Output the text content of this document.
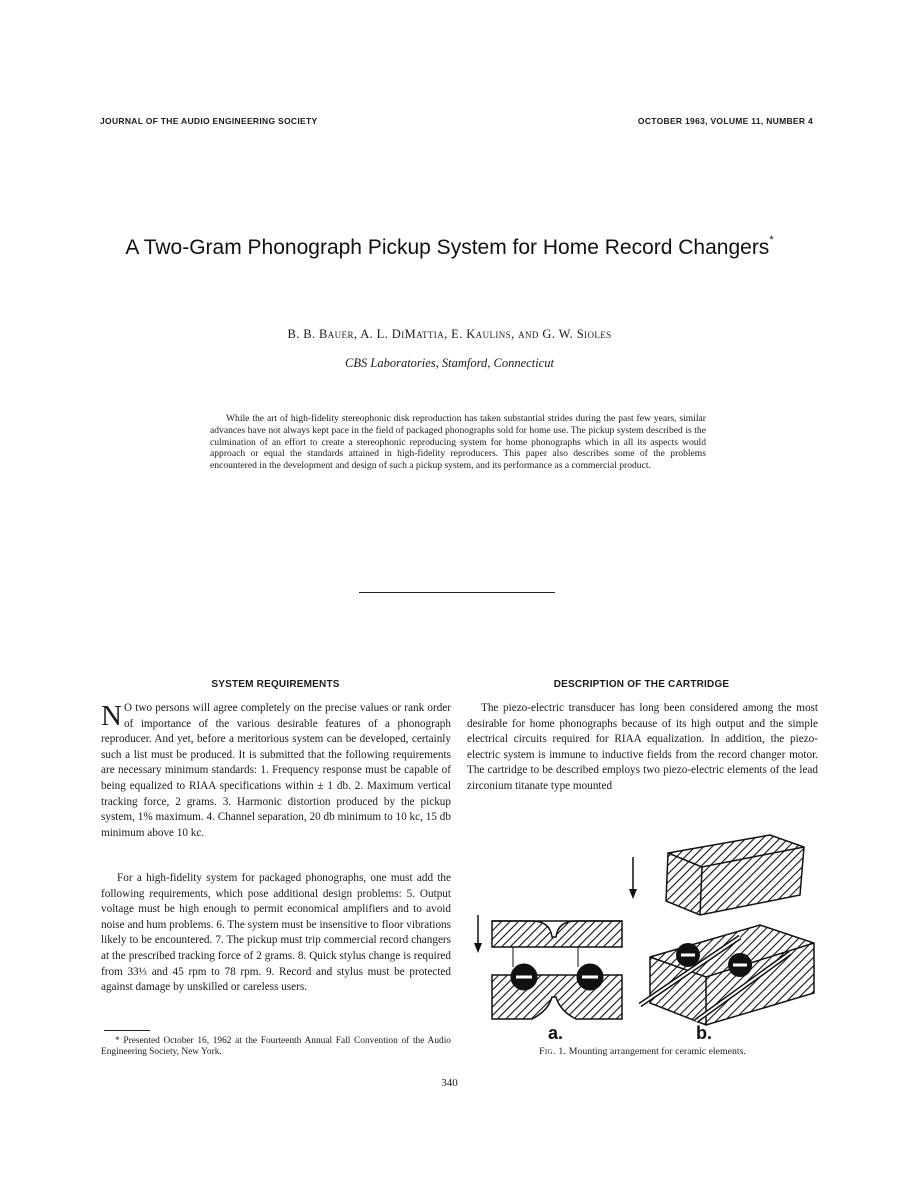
JOURNAL OF THE AUDIO ENGINEERING SOCIETY	OCTOBER 1963, VOLUME 11, NUMBER 4
A Two-Gram Phonograph Pickup System for Home Record Changers*
B. B. Bauer, A. L. DiMattia, E. Kaulins, and G. W. Sioles
CBS Laboratories, Stamford, Connecticut

While the art of high-fidelity stereophonic disk reproduction has taken substantial strides during the past few years, similar advances have not always kept pace in the field of packaged phonographs sold for home use. The pickup system described is the culmination of an effort to create a stereophonic reproducing system for home phonographs which in all its aspects would approach or equal the standards attained in high-fidelity reproducers. This paper also describes some of the problems encountered in the development and design of such a pickup system, and its performance as a commercial product.

SYSTEM REQUIREMENTS	DESCRIPTION OF THE CARTRIDGE

N O two persons will agree completely on the precise values or rank order of importance of the various desirable features of a phonograph reproducer. And yet, before a meritorious system can be developed, certainly such a list must be produced. It is submitted that the following requirements are necessary minimum standards: 1. Frequency response must be capable of being equalized to RIAA specifications within ± 1 db. 2. Maximum vertical tracking force, 2 grams. 3. Harmonic distortion produced by the pickup system, 1% maximum. 4. Channel separation, 20 db minimum to 10 kc, 15 db minimum above 10 kc.

For a high-fidelity system for packaged phonographs, one must add the following requirements, which pose additional design problems: 5. Output voltage must be high enough to permit economical amplifiers and to avoid noise and hum problems. 6. The system must be insensitive to floor vibrations likely to be encountered. 7. The pickup must trip commercial record changers at the prescribed tracking force of 2 grams. 8. Quick stylus change is required from 33⅓ and 45 rpm to 78 rpm. 9. Record and stylus must be protected against damage by unskilled or careless users.

* Presented October 16, 1962 at the Fourteenth Annual Fall Convention of the Audio Engineering Society, New York.

The piezo-electric transducer has long been considered among the most desirable for home phonographs because of its high output and the simple electrical circuits required for RIAA equalization. In addition, the piezo-electric system is immune to inductive fields from the record changer motor. The cartridge to be described employs two piezo-electric elements of the lead zirconium titanate type mounted

a.	b.
Fig. 1. Mounting arrangement for ceramic elements.
340
